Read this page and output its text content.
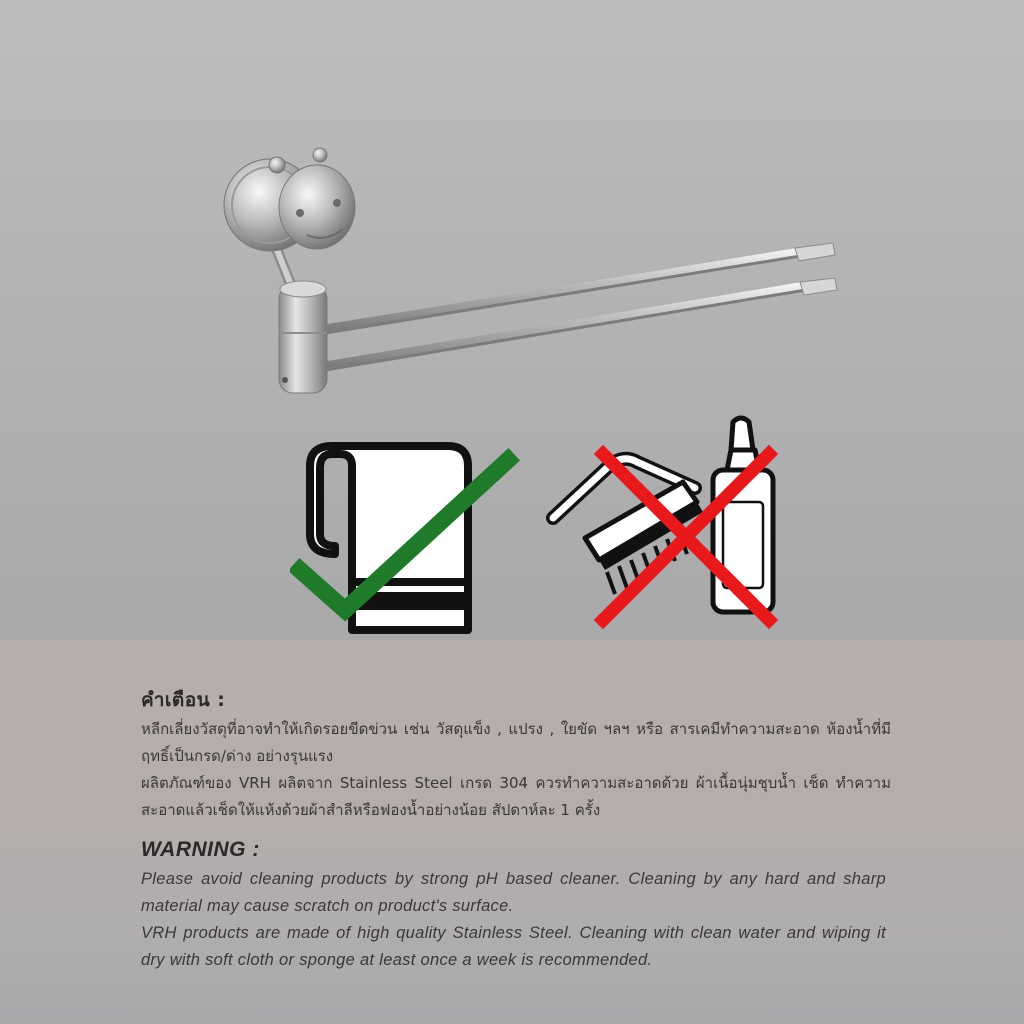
คำเตือน :

หลีกเลี่ยงวัสดุที่อาจทำให้เกิดรอยขีดข่วน เช่น วัสดุแข็ง , แปรง , ใยขัด ฯลฯ หรือ สารเคมีทำความสะอาด ห้องน้ำที่มีฤทธิ์เป็นกรด/ด่าง อย่างรุนแรง

ผลิตภัณฑ์ของ VRH ผลิตจาก Stainless Steel เกรด 304 ควรทำความสะอาดด้วย ผ้าเนื้อนุ่มชุบน้ำ เช็ด ทำความสะอาดแล้วเช็ดให้แห้งด้วยผ้าสำลีหรือฟองน้ำอย่างน้อย สัปดาห์ละ 1 ครั้ง

WARNING :

Please avoid cleaning products by strong pH based cleaner. Cleaning by any hard and sharp material may cause scratch on product's surface.

VRH products are made of high quality Stainless Steel. Cleaning with clean water and wiping it dry with soft cloth or sponge at least once a week is recommended.
